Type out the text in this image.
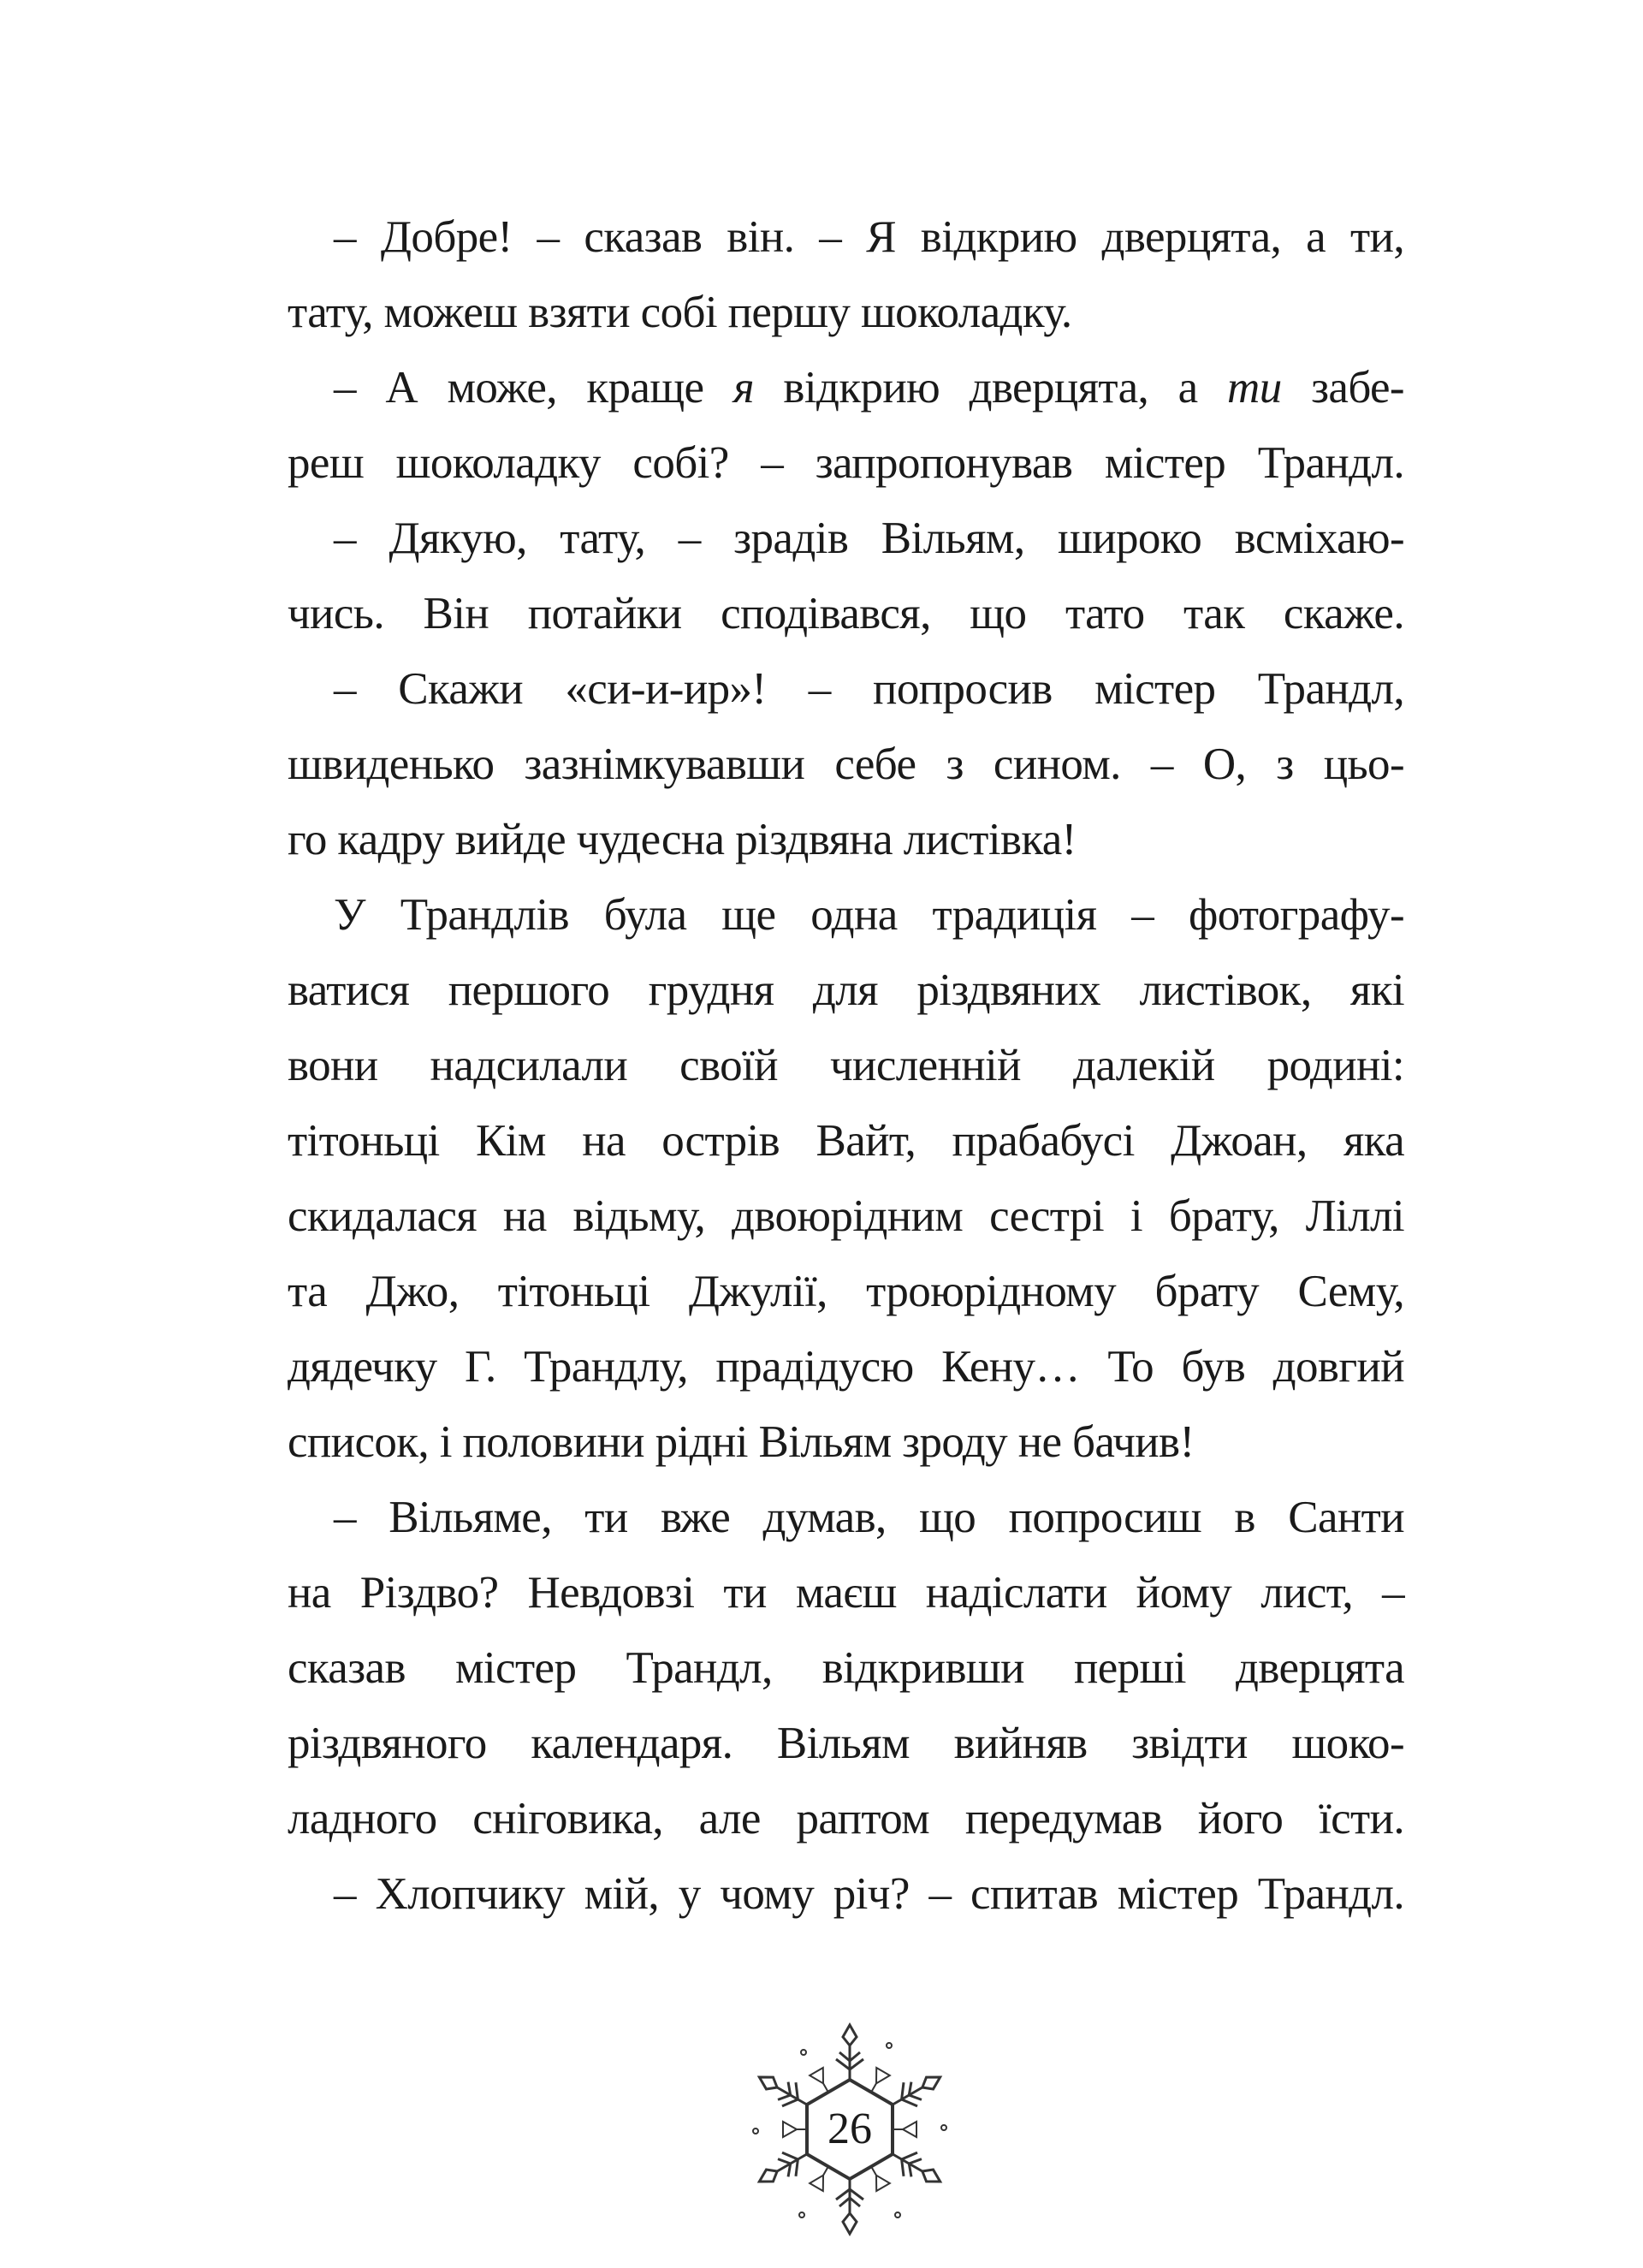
– Добре! – сказав він. – Я відкрию дверцята, а ти,
тату, можеш взяти собі першу шоколадку.
– А може, краще я відкрию дверцята, а ти забе-
реш шоколадку собі? – запропонував містер Трандл.
– Дякую, тату, – зрадів Вільям, широко всміхаю-
чись. Він потайки сподівався, що тато так скаже.
– Скажи «си-и-ир»! – попросив містер Трандл,
швиденько зазнімкувавши себе з сином. – О, з цьо-
го кадру вийде чудесна різдвяна листівка!
У Трандлів була ще одна традиція – фотографу-
ватися першого грудня для різдвяних листівок, які
вони надсилали своїй численній далекій родині:
тітоньці Кім на острів Вайт, прабабусі Джоан, яка
скидалася на відьму, двоюрідним сестрі і брату, Ліллі
та Джо, тітоньці Джулії, троюрідному брату Сему,
дядечку Г. Трандлу, прадідусю Кену… То був довгий
список, і половини рідні Вільям зроду не бачив!
– Вільяме, ти вже думав, що попросиш в Санти
на Різдво? Невдовзі ти маєш надіслати йому лист, –
сказав містер Трандл, відкривши перші дверцята
різдвяного календаря. Вільям вийняв звідти шоко-
ладного сніговика, але раптом передумав його їсти.
– Хлопчику мій, у чому річ? – спитав містер Трандл.
26
